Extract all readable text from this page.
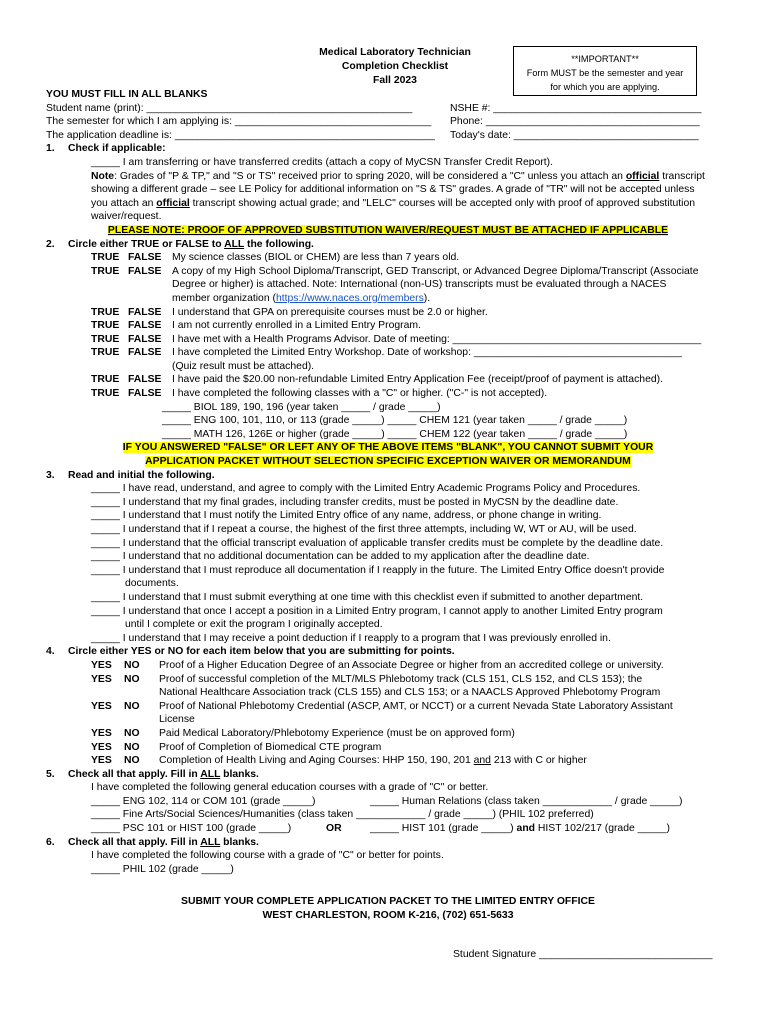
Medical Laboratory Technician
Completion Checklist
Fall 2023
**IMPORTANT**
Form MUST be the semester and year
for which you are applying.
YOU MUST FILL IN ALL BLANKS
Student name (print): ______________________________________________	NSHE #: ____________________________________
The semester for which I am applying is: __________________________________ Phone: _____________________________________
The application deadline is: _____________________________________________ Today's date: ________________________________
1.	Check if applicable:
_____ I am transferring or have transferred credits (attach a copy of MyCSN Transfer Credit Report).
Note: Grades of "P & TP," and "S or TS" received prior to spring 2020, will be considered a "C" unless you attach an official transcript
showing a different grade – see LE Policy for additional information on "S & TS" grades. A grade of "TR" will not be accepted unless
you attach an official transcript showing actual grade; and "LELC" courses will be accepted only with proof of approved substitution
waiver/request.
PLEASE NOTE: PROOF OF APPROVED SUBSTITUTION WAIVER/REQUEST MUST BE ATTACHED IF APPLICABLE
2.	Circle either TRUE or FALSE to ALL the following.
TRUE FALSE	My science classes (BIOL or CHEM) are less than 7 years old.
TRUE FALSE	A copy of my High School Diploma/Transcript, GED Transcript, or Advanced Degree Diploma/Transcript (Associate
Degree or higher) is attached. Note: International (non-US) transcripts must be evaluated through a NACES
member organization (https://www.naces.org/members).
TRUE FALSE	I understand that GPA on prerequisite courses must be 2.0 or higher.
TRUE FALSE	I am not currently enrolled in a Limited Entry Program.
TRUE FALSE	I have met with a Health Programs Advisor. Date of meeting: ___________________________________________
TRUE FALSE	I have completed the Limited Entry Workshop. Date of workshop: ____________________________________
(Quiz result must be attached).
TRUE FALSE	I have paid the $20.00 non-refundable Limited Entry Application Fee (receipt/proof of payment is attached).
TRUE FALSE	I have completed the following classes with a "C" or higher. ("C-" is not accepted).
_____ BIOL 189, 190, 196 (year taken _____ / grade _____)
_____ ENG 100, 101, 110, or 113 (grade _____) _____ CHEM 121 (year taken _____ / grade _____)
_____ MATH 126, 126E or higher (grade _____) _____ CHEM 122 (year taken _____ / grade _____)
IF YOU ANSWERED "FALSE" OR LEFT ANY OF THE ABOVE ITEMS "BLANK", YOU CANNOT SUBMIT YOUR
APPLICATION PACKET WITHOUT SELECTION SPECIFIC EXCEPTION WAIVER OR MEMORANDUM
3.	Read and initial the following.
_____ I have read, understand, and agree to comply with the Limited Entry Academic Programs Policy and Procedures.
_____ I understand that my final grades, including transfer credits, must be posted in MyCSN by the deadline date.
_____ I understand that I must notify the Limited Entry office of any name, address, or phone change in writing.
_____ I understand that if I repeat a course, the highest of the first three attempts, including W, WT or AU, will be used.
_____ I understand that the official transcript evaluation of applicable transfer credits must be complete by the deadline date.
_____ I understand that no additional documentation can be added to my application after the deadline date.
_____ I understand that I must reproduce all documentation if I reapply in the future. The Limited Entry Office doesn't provide
documents.
_____ I understand that I must submit everything at one time with this checklist even if submitted to another department.
_____ I understand that once I accept a position in a Limited Entry program, I cannot apply to another Limited Entry program
until I complete or exit the program I originally accepted.
_____ I understand that I may receive a point deduction if I reapply to a program that I was previously enrolled in.
4.	Circle either YES or NO for each item below that you are submitting for points.
YES	NO	Proof of a Higher Education Degree of an Associate Degree or higher from an accredited college or university.
YES	NO	Proof of successful completion of the MLT/MLS Phlebotomy track (CLS 151, CLS 152, and CLS 153); the
National Healthcare Association track (CLS 155) and CLS 153; or a NAACLS Approved Phlebotomy Program
YES	NO	Proof of National Phlebotomy Credential (ASCP, AMT, or NCCT) or a current Nevada State Laboratory Assistant
License
YES	NO	Paid Medical Laboratory/Phlebotomy Experience (must be on approved form)
YES	NO	Proof of Completion of Biomedical CTE program
YES	NO	Completion of Health Living and Aging Courses: HHP 150, 190, 201 and 213 with C or higher
5.	Check all that apply. Fill in ALL blanks.
I have completed the following general education courses with a grade of "C" or better.
_____ ENG 102, 114 or COM 101 (grade _____)	_____ Human Relations (class taken ____________ / grade _____)
_____ Fine Arts/Social Sciences/Humanities (class taken ____________ / grade _____) (PHIL 102 preferred)
_____ PSC 101 or HIST 100 (grade _____)	OR	_____ HIST 101 (grade _____) and HIST 102/217 (grade _____)
6.	Check all that apply. Fill in ALL blanks.
I have completed the following course with a grade of "C" or better for points.
_____ PHIL 102 (grade _____)
SUBMIT YOUR COMPLETE APPLICATION PACKET TO THE LIMITED ENTRY OFFICE
WEST CHARLESTON, ROOM K-216, (702) 651-5633
Student Signature ______________________________
